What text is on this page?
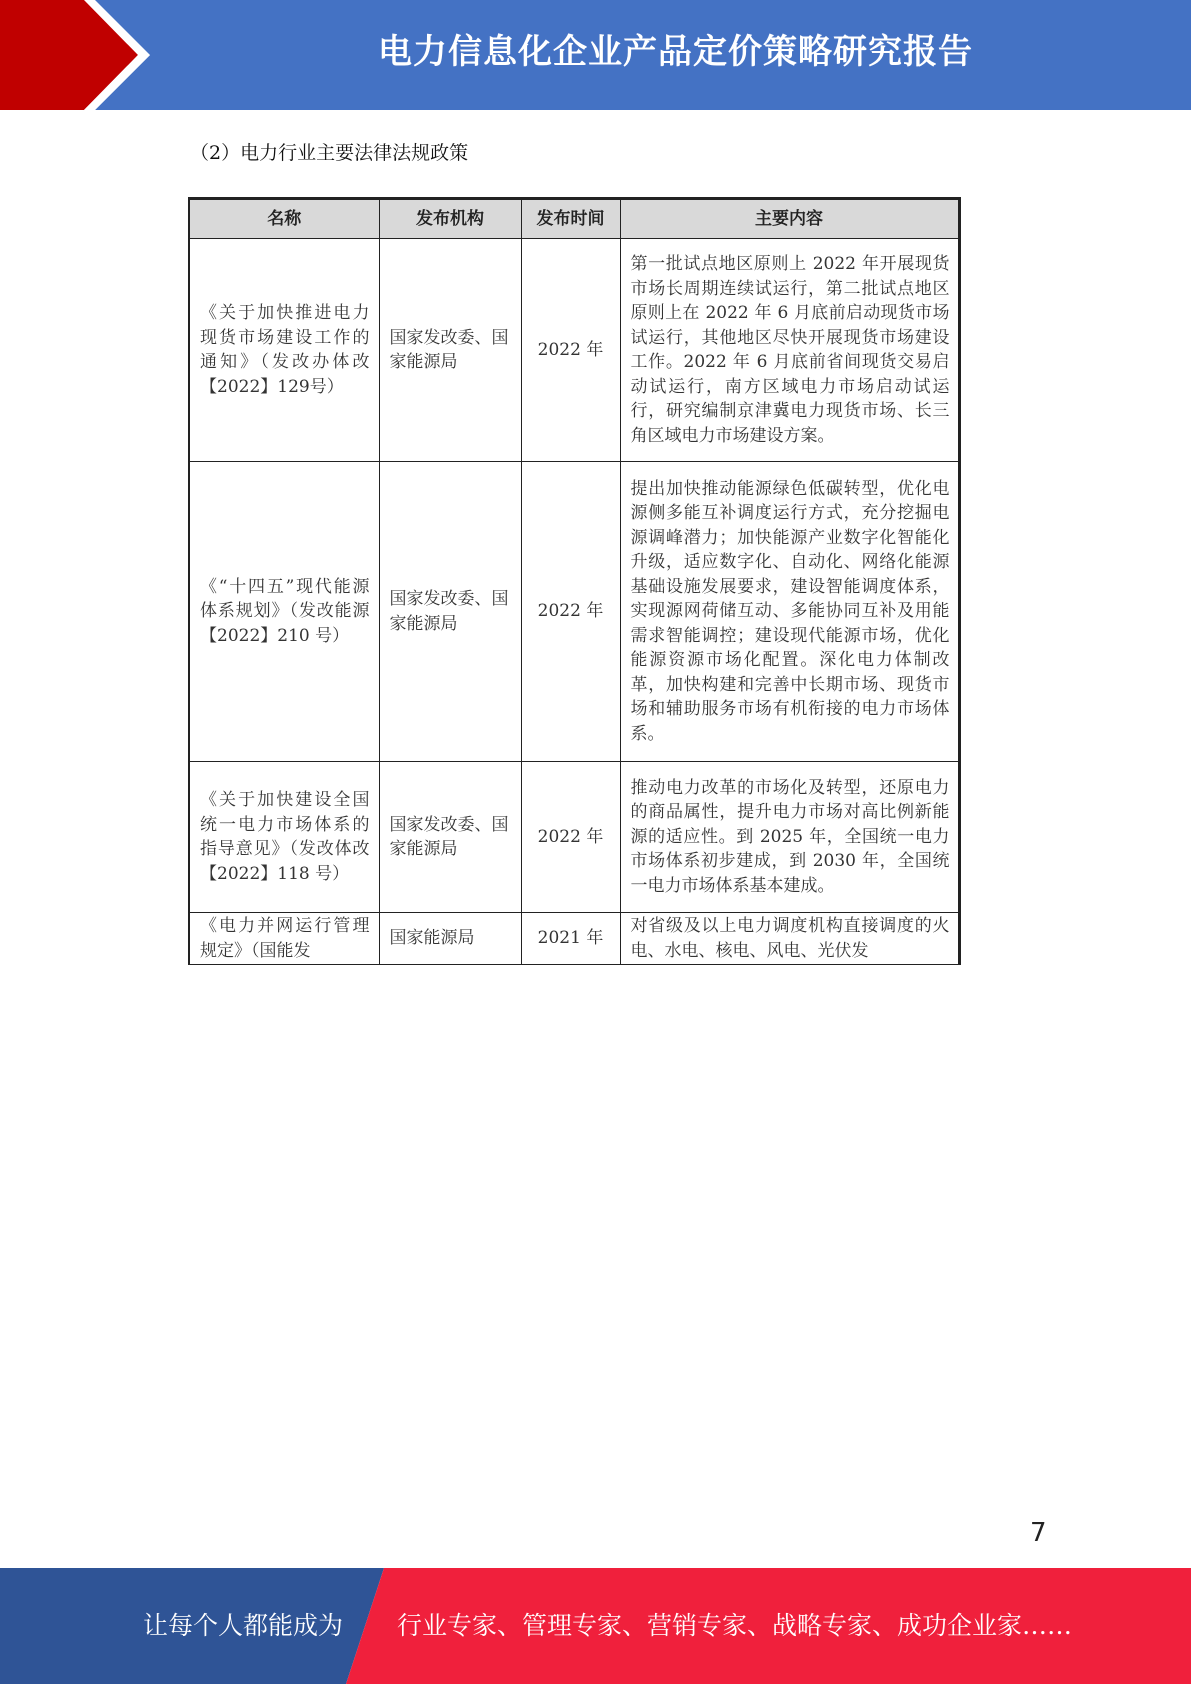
电力信息化企业产品定价策略研究报告
（2）电力行业主要法律法规政策
名称	发布机构	发布时间	主要内容
《关于加快推进电力现货市场建设工作的通知》（发改办体改【2022】129号）	国家发改委、国家能源局	2022 年	第一批试点地区原则上 2022 年开展现货市场长周期连续试运行，第二批试点地区原则上在 2022 年 6 月底前启动现货市场试运行，其他地区尽快开展现货市场建设工作。2022 年 6 月底前省间现货交易启动试运行，南方区域电力市场启动试运行，研究编制京津冀电力现货市场、长三角区域电力市场建设方案。
《“十四五”现代能源体系规划》（发改能源【2022】210 号）	国家发改委、国家能源局	2022 年	提出加快推动能源绿色低碳转型，优化电源侧多能互补调度运行方式，充分挖掘电源调峰潜力；加快能源产业数字化智能化升级，适应数字化、自动化、网络化能源基础设施发展要求，建设智能调度体系，实现源网荷储互动、多能协同互补及用能需求智能调控；建设现代能源市场，优化能源资源市场化配置。深化电力体制改革，加快构建和完善中长期市场、现货市场和辅助服务市场有机衔接的电力市场体系。
《关于加快建设全国统一电力市场体系的指导意见》（发改体改【2022】118 号）	国家发改委、国家能源局	2022 年	推动电力改革的市场化及转型，还原电力的商品属性，提升电力市场对高比例新能源的适应性。到 2025 年，全国统一电力市场体系初步建成，到 2030 年，全国统一电力市场体系基本建成。
《电力并网运行管理规定》（国能发	国家能源局	2021 年	对省级及以上电力调度机构直接调度的火电、水电、核电、风电、光伏发
7
让每个人都能成为 行业专家、管理专家、营销专家、战略专家、成功企业家……
